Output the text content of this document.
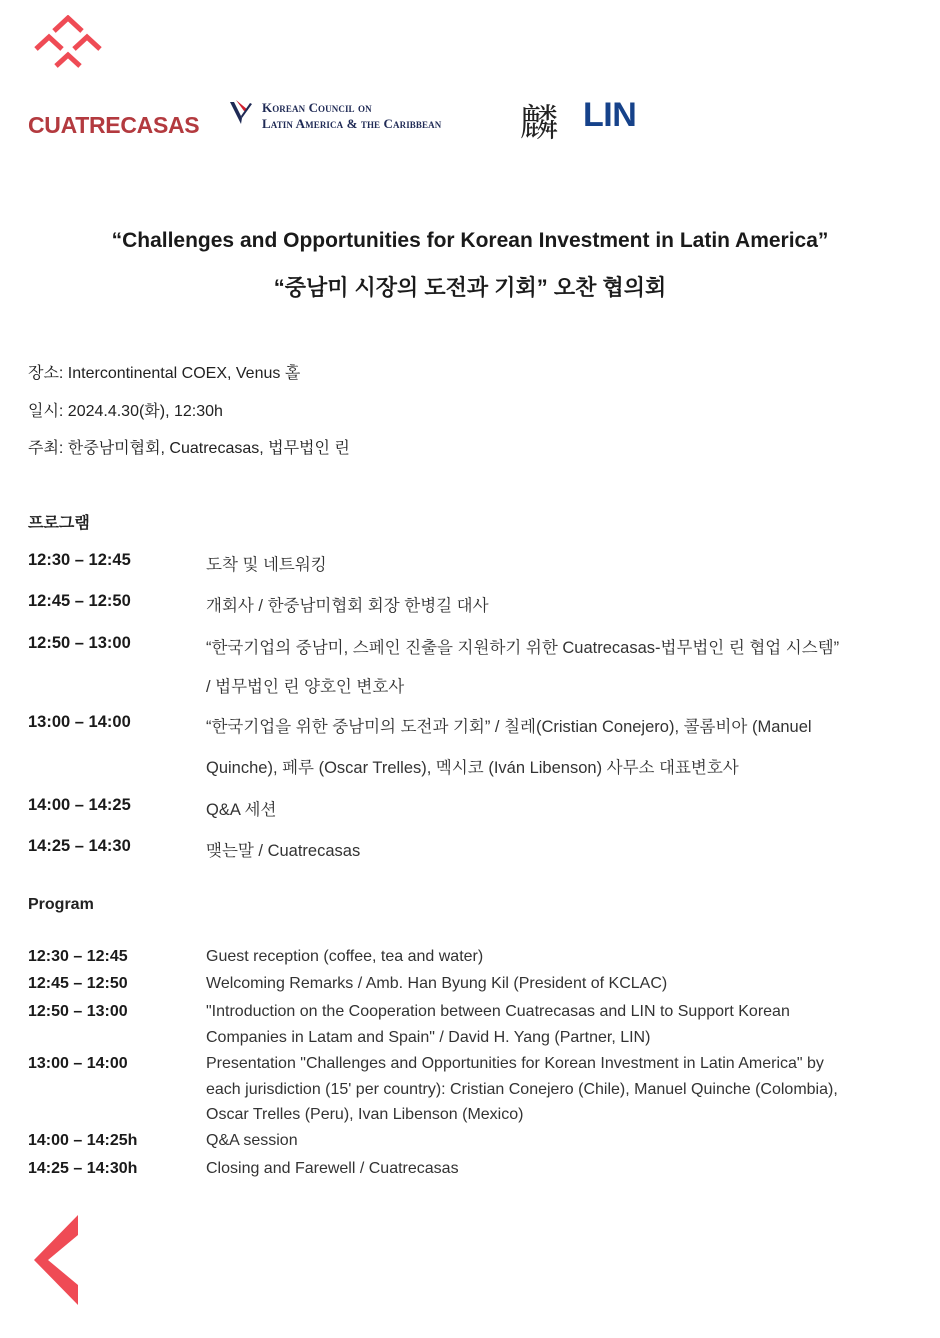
CUATRECASAS
Korean Council on
Latin America & the Caribbean 麟 LIN
“Challenges and Opportunities for Korean Investment in Latin America”
“중남미 시장의 도전과 기회” 오찬 협의회
장소: Intercontinental COEX, Venus 홀
일시: 2024.4.30(화), 12:30h
주최: 한중남미협회, Cuatrecasas, 법무법인 린
프로그램
12:30 – 12:45	도착 및 네트워킹
12:45 – 12:50	개회사 / 한중남미협회 회장 한병길 대사
12:50 – 13:00	“한국기업의 중남미, 스페인 진출을 지원하기 위한 Cuatrecasas-법무법인 린 협업 시스템”
/ 법무법인 린 양호인 변호사
13:00 – 14:00	“한국기업을 위한 중남미의 도전과 기회” / 칠레(Cristian Conejero), 콜롬비아 (Manuel
Quinche), 페루 (Oscar Trelles), 멕시코 (Iván Libenson) 사무소 대표변호사
14:00 – 14:25	Q&A 세션
14:25 – 14:30	맺는말 / Cuatrecasas
Program
12:30 – 12:45	Guest reception (coffee, tea and water)
12:45 – 12:50	Welcoming Remarks / Amb. Han Byung Kil (President of KCLAC)
12:50 – 13:00	"Introduction on the Cooperation between Cuatrecasas and LIN to Support Korean
Companies in Latam and Spain" / David H. Yang (Partner, LIN)
13:00 – 14:00	Presentation "Challenges and Opportunities for Korean Investment in Latin America" by
each jurisdiction (15' per country): Cristian Conejero (Chile), Manuel Quinche (Colombia),
Oscar Trelles (Peru), Ivan Libenson (Mexico)
14:00 – 14:25h	Q&A session
14:25 – 14:30h	Closing and Farewell / Cuatrecasas
